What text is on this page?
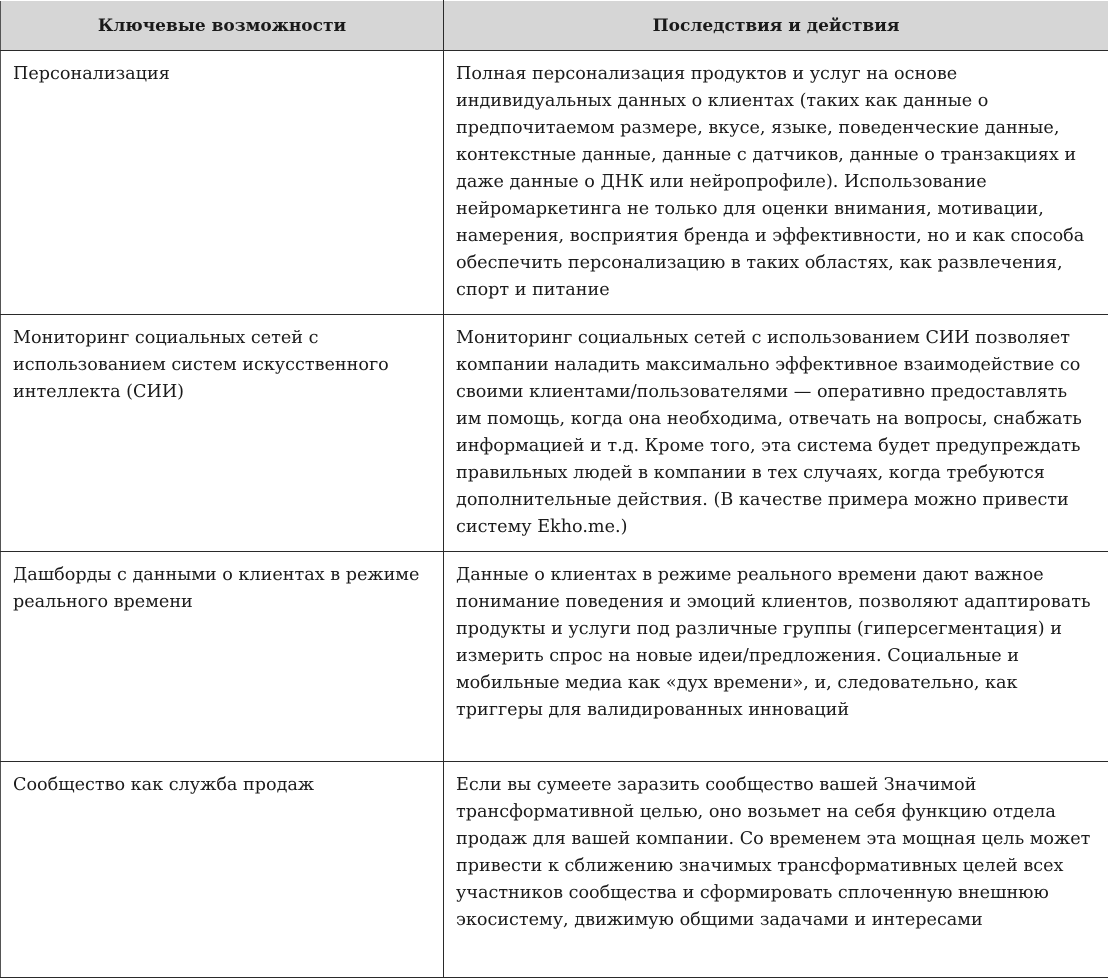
Ключевые возможности	Последствия и действия
Персонализация	Полная персонализация продуктов и услуг на основе индивидуальных данных о клиентах (таких как данные о предпочитаемом размере, вкусе, языке, поведенческие данные, контекстные данные, данные с датчиков, данные о транзакциях и даже данные о ДНК или нейропрофиле). Использование нейромаркетинга не только для оценки внимания, мотивации, намерения, восприятия бренда и эффективности, но и как способа обеспечить персонализацию в таких областях, как развлечения, спорт и питание
Мониторинг социальных сетей с использованием систем искусственного интеллекта (СИИ)	Мониторинг социальных сетей с использованием СИИ позволяет компании наладить максимально эффективное взаимодействие со своими клиентами/пользователями — оперативно предоставлять им помощь, когда она необходима, отвечать на вопросы, снабжать информацией и т.д. Кроме того, эта система будет предупреждать правильных людей в компании в тех случаях, когда требуются дополнительные действия. (В качестве примера можно привести систему Ekho.me.)
Дашборды с данными о клиентах в режиме реального времени	Данные о клиентах в режиме реального времени дают важное понимание поведения и эмоций клиентов, позволяют адаптировать продукты и услуги под различные группы (гиперсегментация) и измерить спрос на новые идеи/предложения. Социальные и мобильные медиа как «дух времени», и, следовательно, как триггеры для валидированных инноваций
Сообщество как служба продаж	Если вы сумеете заразить сообщество вашей Значимой трансформативной целью, оно возьмет на себя функцию отдела продаж для вашей компании. Со временем эта мощная цель может привести к сближению значимых трансформативных целей всех участников сообщества и сформировать сплоченную внешнюю экосистему, движимую общими задачами и интересами
